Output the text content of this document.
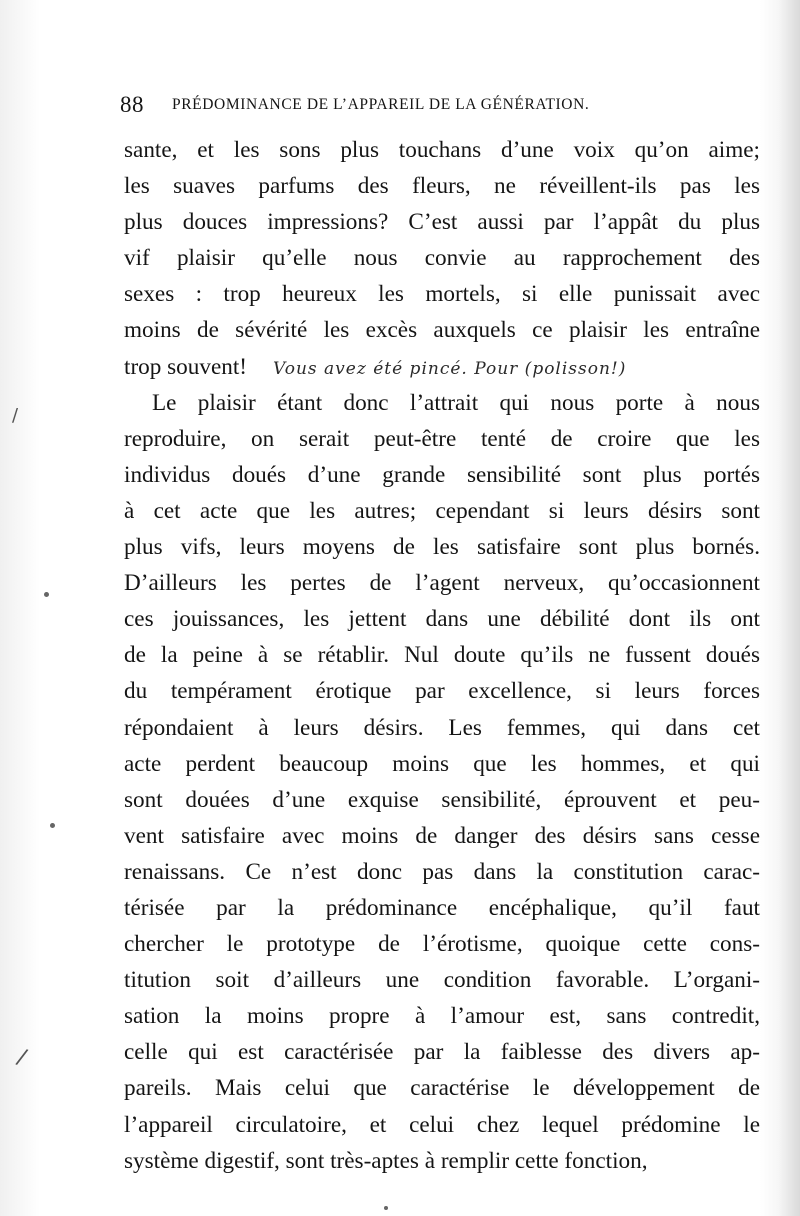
88 PRÉDOMINANCE DE L’APPAREIL DE LA GÉNÉRATION.
sante, et les sons plus touchans d’une voix qu’on aime;
les suaves parfums des fleurs, ne réveillent-ils pas les
plus douces impressions? C’est aussi par l’appât du plus
vif plaisir qu’elle nous convie au rapprochement des
sexes : trop heureux les mortels, si elle punissait avec
moins de sévérité les excès auxquels ce plaisir les entraîne
trop souvent! Vous avez été pincé. Pour (polisson!)
Le plaisir étant donc l’attrait qui nous porte à nous
reproduire, on serait peut-être tenté de croire que les
individus doués d’une grande sensibilité sont plus portés
à cet acte que les autres; cependant si leurs désirs sont
plus vifs, leurs moyens de les satisfaire sont plus bornés.
D’ailleurs les pertes de l’agent nerveux, qu’occasionnent
ces jouissances, les jettent dans une débilité dont ils ont
de la peine à se rétablir. Nul doute qu’ils ne fussent doués
du tempérament érotique par excellence, si leurs forces
répondaient à leurs désirs. Les femmes, qui dans cet
acte perdent beaucoup moins que les hommes, et qui
sont douées d’une exquise sensibilité, éprouvent et peu-
vent satisfaire avec moins de danger des désirs sans cesse
renaissans. Ce n’est donc pas dans la constitution carac-
térisée par la prédominance encéphalique, qu’il faut
chercher le prototype de l’érotisme, quoique cette cons-
titution soit d’ailleurs une condition favorable. L’organi-
sation la moins propre à l’amour est, sans contredit,
celle qui est caractérisée par la faiblesse des divers ap-
pareils. Mais celui que caractérise le développement de
l’appareil circulatoire, et celui chez lequel prédomine le
système digestif, sont très-aptes à remplir cette fonction,
/
/
